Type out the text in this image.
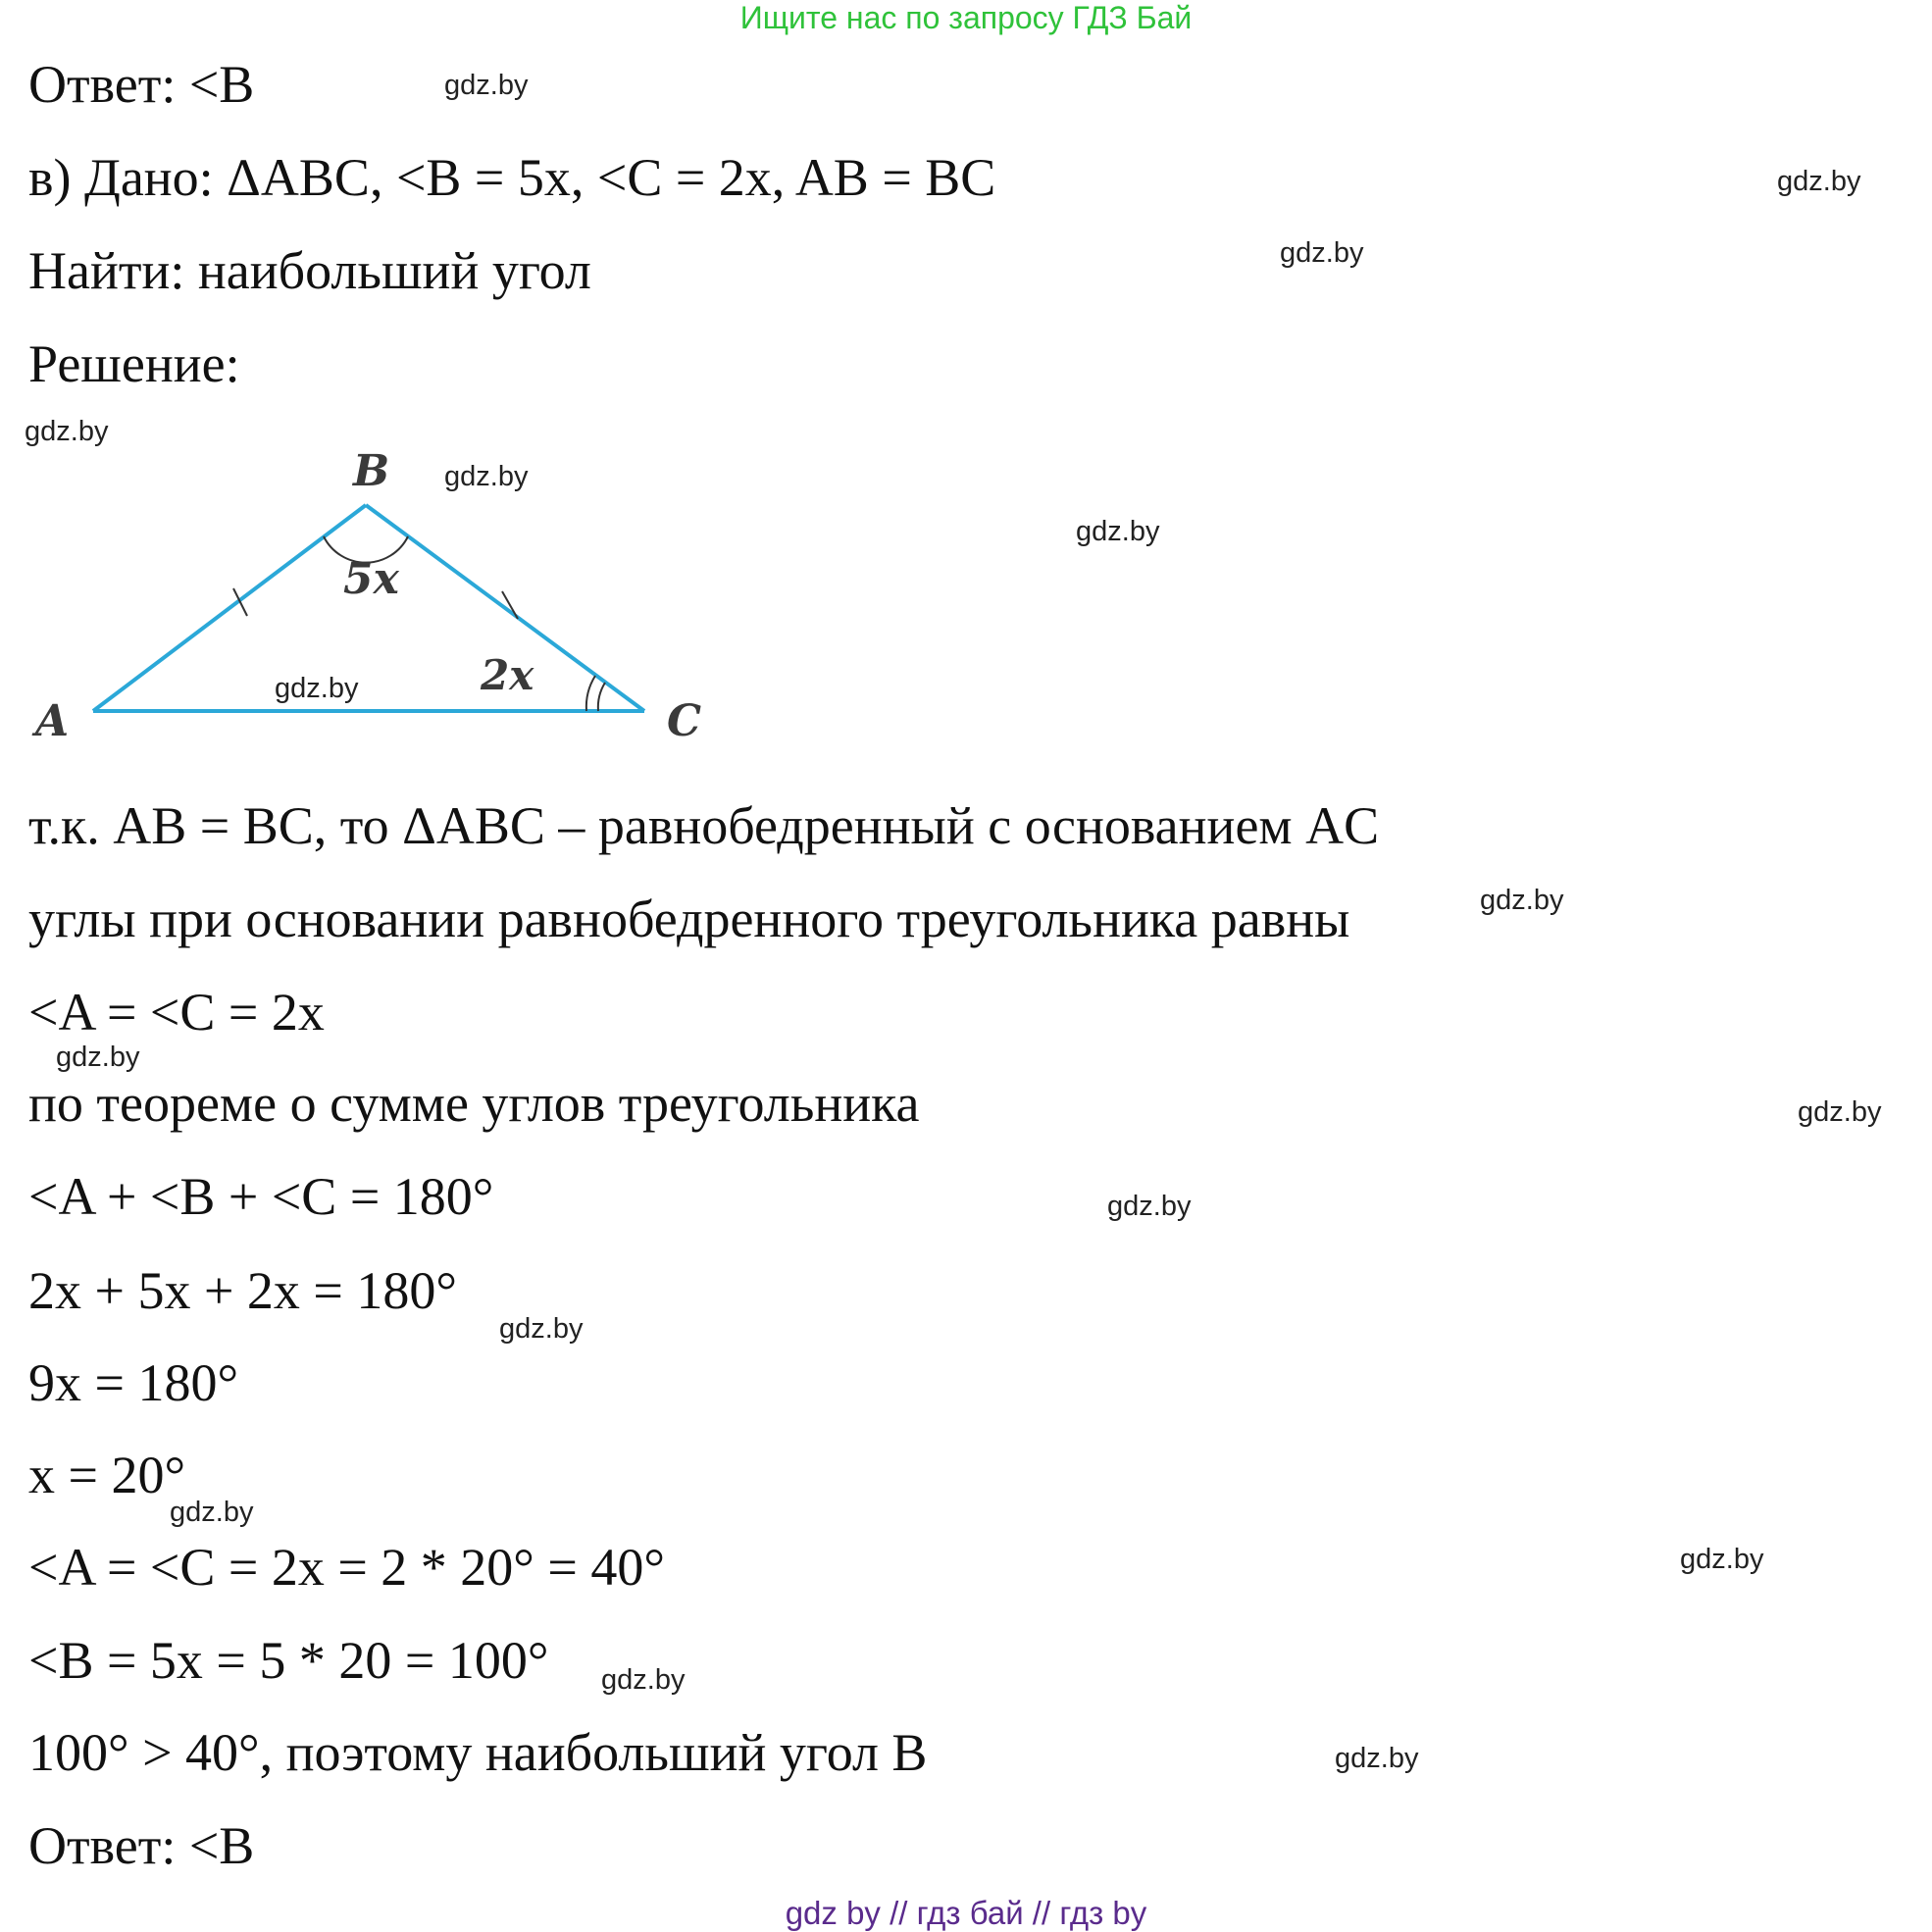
Ищите нас по запросу ГДЗ Бай
Ответ: <B
в) Дано: ΔABC, <B = 5x, <C = 2x, AB = BC
Найти: наибольший угол
Решение:
B
A	C
5x
2x
т.к. AB = BC, то ΔABC – равнобедренный с основанием AC
углы при основании равнобедренного треугольника равны
<A = <C = 2x
по теореме о сумме углов треугольника
<A + <B + <C = 180°
2x + 5x + 2x = 180°
9x = 180°
x = 20°
<A = <C = 2x = 2 * 20° = 40°
<B = 5x = 5 * 20 = 100°
100° > 40°, поэтому наибольший угол B
Ответ: <B
gdz.by
gdz.by
gdz.by
gdz.by
gdz.by
gdz.by
gdz.by
gdz.by
gdz.by
gdz.by
gdz.by
gdz.by
gdz.by
gdz.by
gdz.by
gdz.by
gdz by // гдз бай // гдз by
